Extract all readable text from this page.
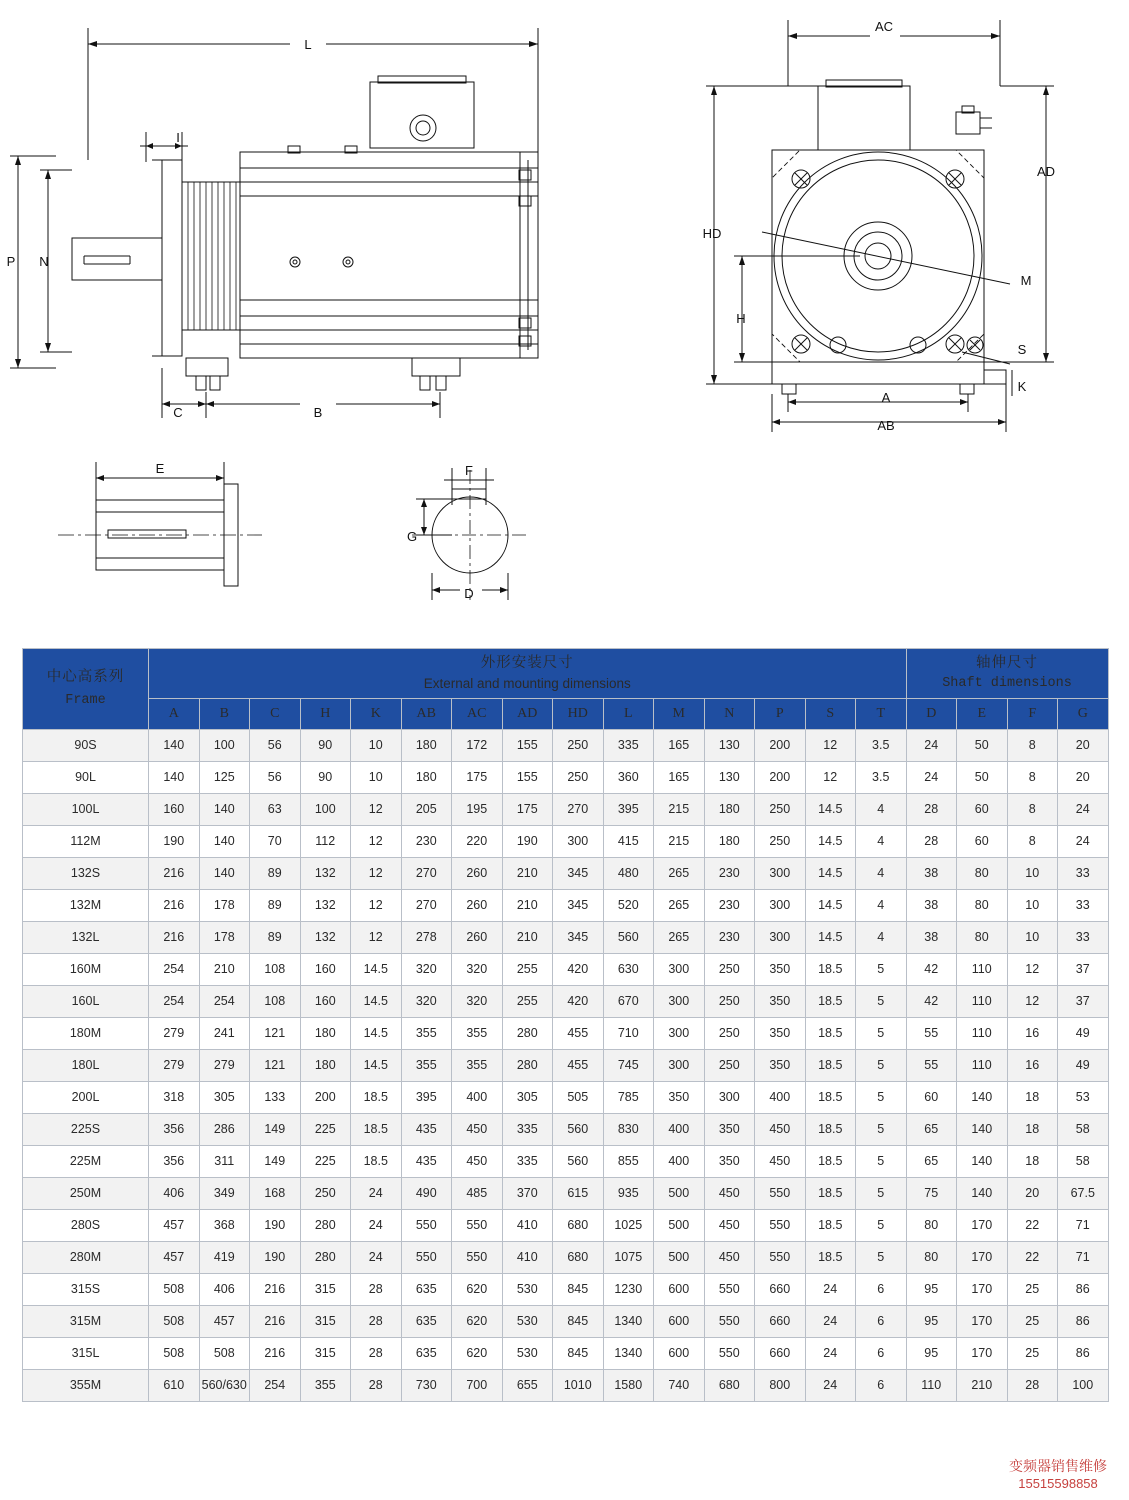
L
I
P N
C	B
AC
AD
HD
H
M
S
K
A
AB
E	F
G
D
中心高系列
Frame

外形安装尺寸
External and mounting dimensions

轴伸尺寸
Shaft dimensions

	A	B	C	H	K	AB	AC	AD	HD	L	M	N	P	S	T	D	E	F	G
90S	140	100	56	90	10	180	172	155	250	335	165	130	200	12	3.5	24	50	8	20
90L	140	125	56	90	10	180	175	155	250	360	165	130	200	12	3.5	24	50	8	20
100L	160	140	63	100	12	205	195	175	270	395	215	180	250	14.5	4	28	60	8	24
112M	190	140	70	112	12	230	220	190	300	415	215	180	250	14.5	4	28	60	8	24
132S	216	140	89	132	12	270	260	210	345	480	265	230	300	14.5	4	38	80	10	33
132M	216	178	89	132	12	270	260	210	345	520	265	230	300	14.5	4	38	80	10	33
132L	216	178	89	132	12	278	260	210	345	560	265	230	300	14.5	4	38	80	10	33
160M	254	210	108	160	14.5	320	320	255	420	630	300	250	350	18.5	5	42	110	12	37
160L	254	254	108	160	14.5	320	320	255	420	670	300	250	350	18.5	5	42	110	12	37
180M	279	241	121	180	14.5	355	355	280	455	710	300	250	350	18.5	5	55	110	16	49
180L	279	279	121	180	14.5	355	355	280	455	745	300	250	350	18.5	5	55	110	16	49
200L	318	305	133	200	18.5	395	400	305	505	785	350	300	400	18.5	5	60	140	18	53
225S	356	286	149	225	18.5	435	450	335	560	830	400	350	450	18.5	5	65	140	18	58
225M	356	311	149	225	18.5	435	450	335	560	855	400	350	450	18.5	5	65	140	18	58
250M	406	349	168	250	24	490	485	370	615	935	500	450	550	18.5	5	75	140	20	67.5
280S	457	368	190	280	24	550	550	410	680	1025	500	450	550	18.5	5	80	170	22	71
280M	457	419	190	280	24	550	550	410	680	1075	500	450	550	18.5	5	80	170	22	71
315S	508	406	216	315	28	635	620	530	845	1230	600	550	660	24	6	95	170	25	86
315M	508	457	216	315	28	635	620	530	845	1340	600	550	660	24	6	95	170	25	86
315L	508	508	216	315	28	635	620	530	845	1340	600	550	660	24	6	95	170	25	86
355M	610	560/630	254	355	28	730	700	655	1010	1580	740	680	800	24	6	110	210	28	100
变频器销售维修
15515598858
